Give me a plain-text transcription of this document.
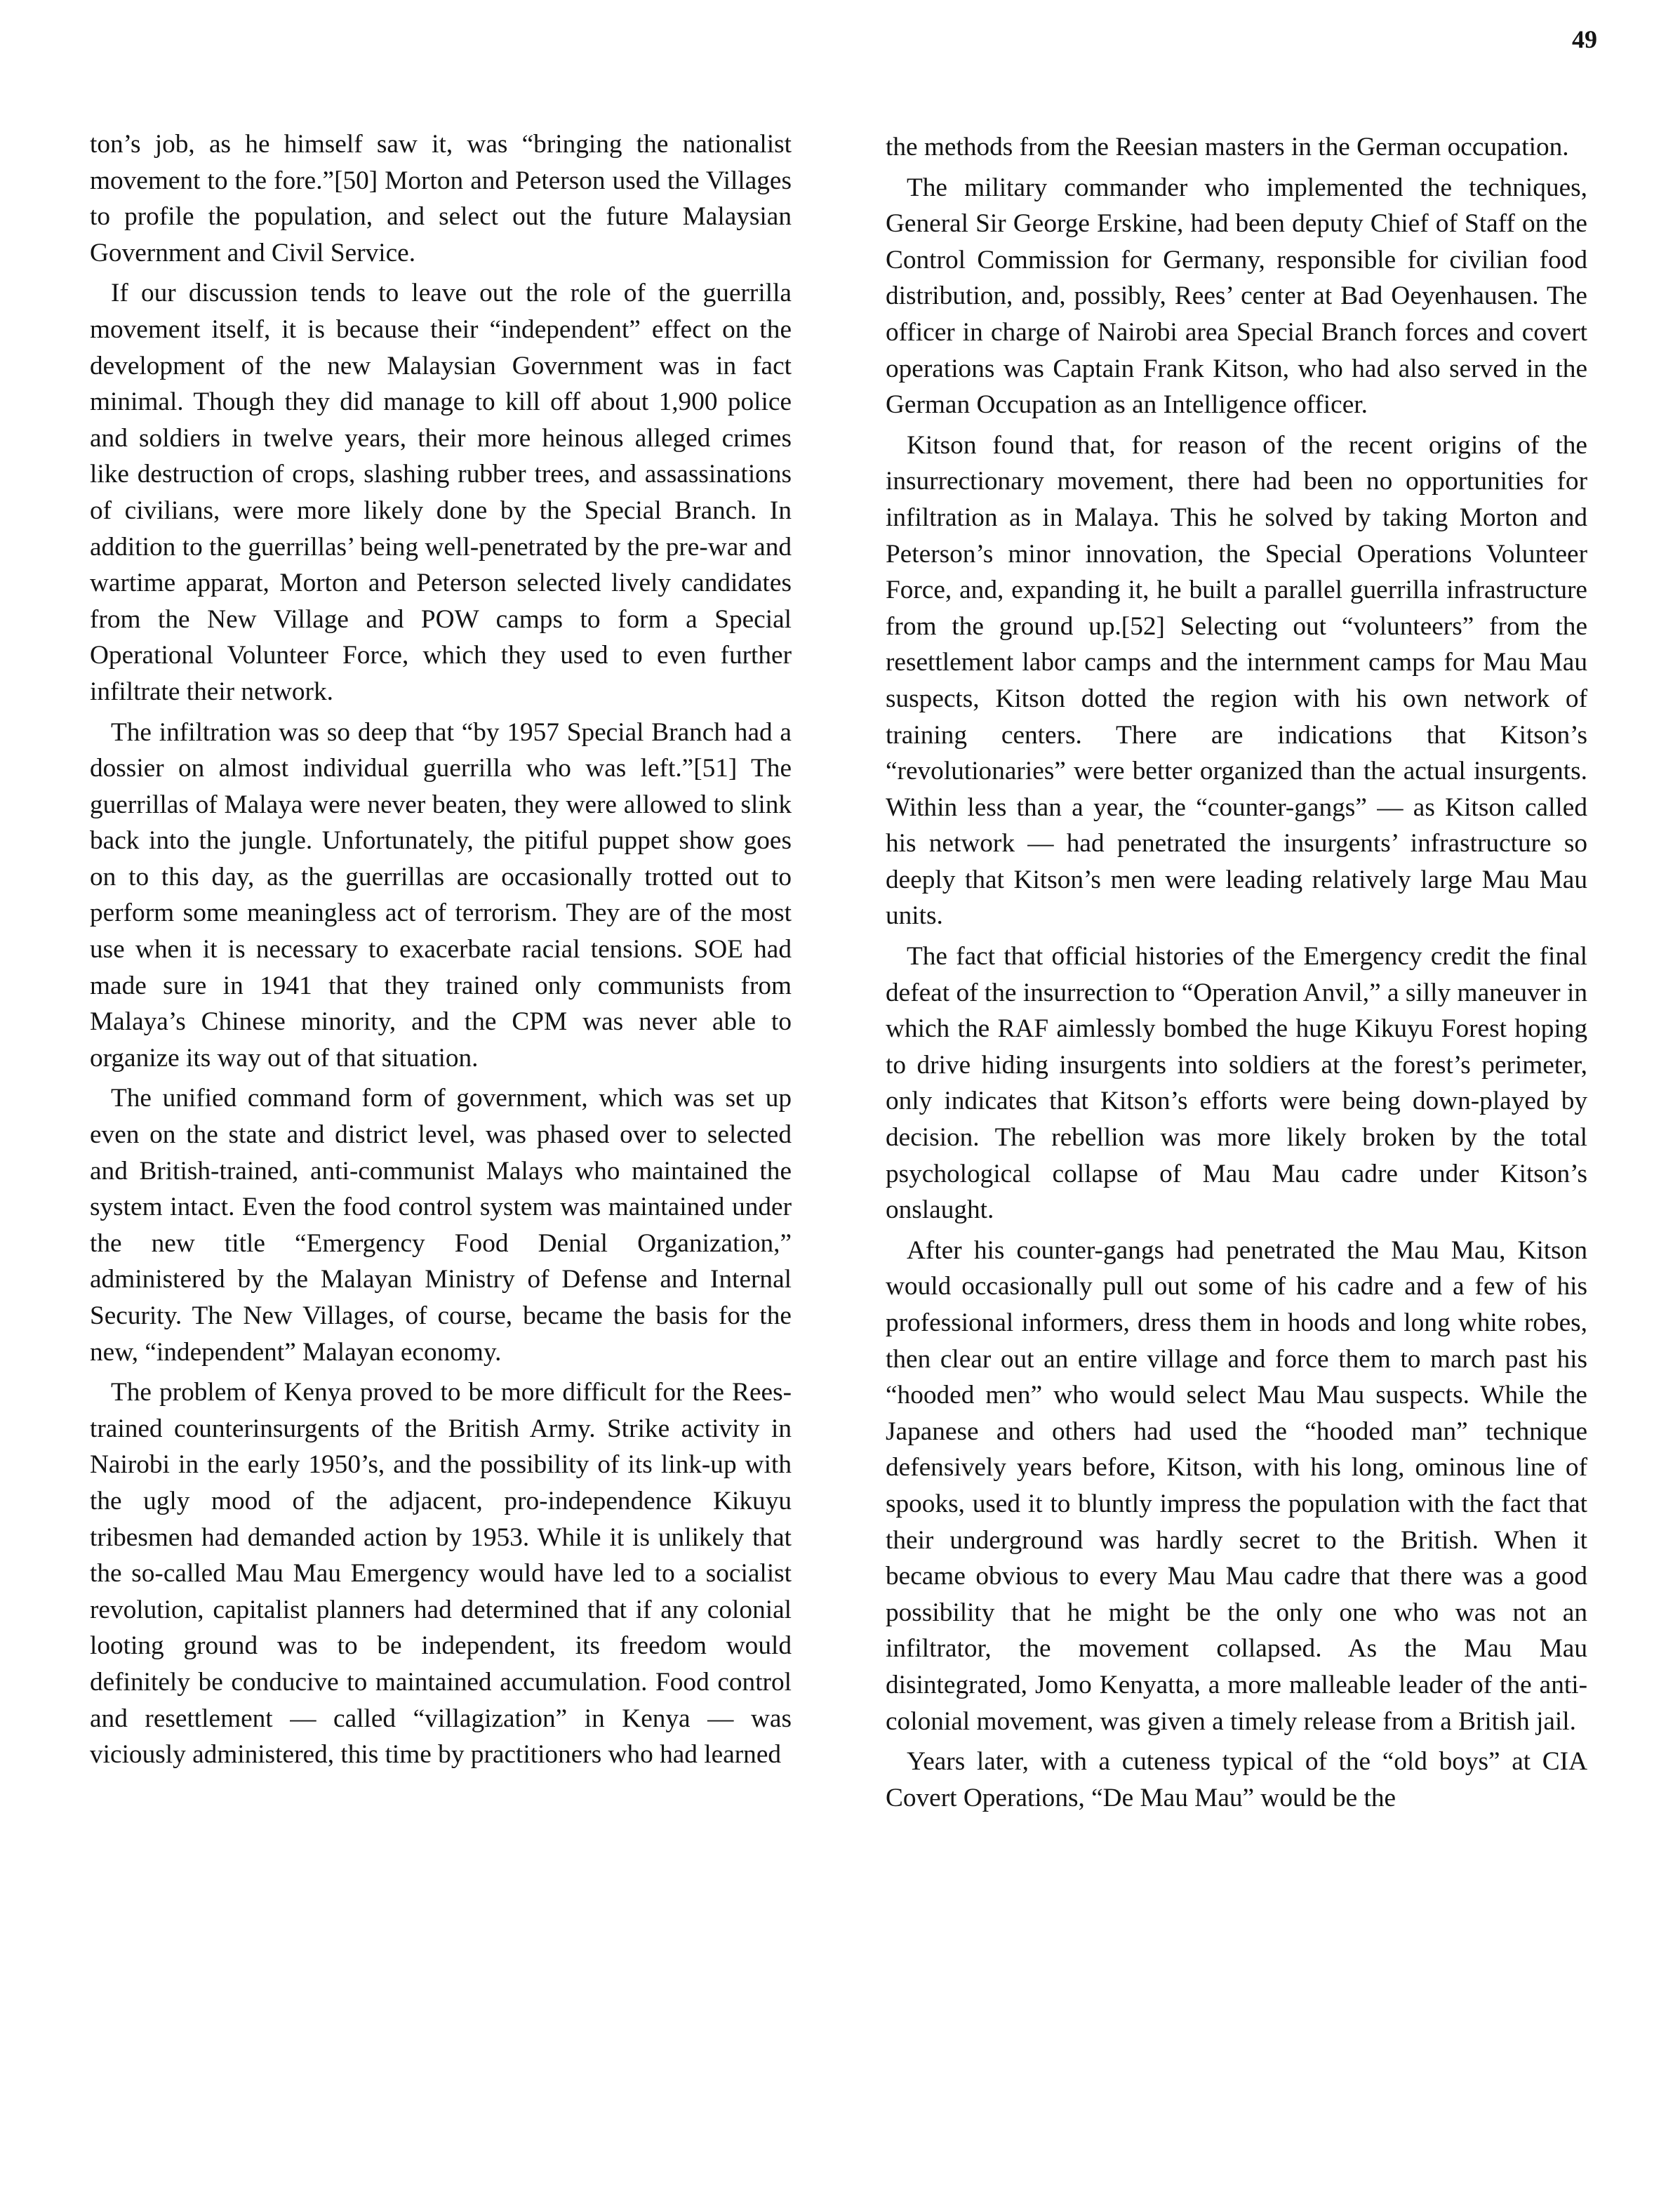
49

ton’s job, as he himself saw it, was “bringing the nationalist movement to the fore.”[50] Morton and Peterson used the Villages to profile the population, and select out the future Malaysian Government and Civil Service.

If our discussion tends to leave out the role of the guerrilla movement itself, it is because their “independent” effect on the development of the new Malaysian Government was in fact minimal. Though they did manage to kill off about 1,900 police and soldiers in twelve years, their more heinous alleged crimes like destruction of crops, slashing rubber trees, and assassinations of civilians, were more likely done by the Special Branch. In addition to the guerrillas’ being well-penetrated by the pre-war and wartime apparat, Morton and Peterson selected lively candidates from the New Village and POW camps to form a Special Operational Volunteer Force, which they used to even further infiltrate their network.

The infiltration was so deep that “by 1957 Special Branch had a dossier on almost individual guerrilla who was left.”[51] The guerrillas of Malaya were never beaten, they were allowed to slink back into the jungle. Unfortunately, the pitiful puppet show goes on to this day, as the guerrillas are occasionally trotted out to perform some meaningless act of terrorism. They are of the most use when it is necessary to exacerbate racial tensions. SOE had made sure in 1941 that they trained only communists from Malaya’s Chinese minority, and the CPM was never able to organize its way out of that situation.

The unified command form of government, which was set up even on the state and district level, was phased over to selected and British-trained, anti-communist Malays who maintained the system intact. Even the food control system was maintained under the new title “Emergency Food Denial Organization,” administered by the Malayan Ministry of Defense and Internal Security. The New Villages, of course, became the basis for the new, “independent” Malayan economy.

The problem of Kenya proved to be more difficult for the Rees-trained counterinsurgents of the British Army. Strike activity in Nairobi in the early 1950’s, and the possibility of its link-up with the ugly mood of the adjacent, pro-independence Kikuyu tribesmen had demanded action by 1953. While it is unlikely that the so-called Mau Mau Emergency would have led to a socialist revolution, capitalist planners had determined that if any colonial looting ground was to be independent, its freedom would definitely be conducive to maintained accumulation. Food control and resettlement — called “villagization” in Kenya — was viciously administered, this time by practitioners who had learned

the methods from the Reesian masters in the German occupation.

The military commander who implemented the techniques, General Sir George Erskine, had been deputy Chief of Staff on the Control Commission for Germany, responsible for civilian food distribution, and, possibly, Rees’ center at Bad Oeyenhausen. The officer in charge of Nairobi area Special Branch forces and covert operations was Captain Frank Kitson, who had also served in the German Occupation as an Intelligence officer.

Kitson found that, for reason of the recent origins of the insurrectionary movement, there had been no opportunities for infiltration as in Malaya. This he solved by taking Morton and Peterson’s minor innovation, the Special Operations Volunteer Force, and, expanding it, he built a parallel guerrilla infrastructure from the ground up.[52] Selecting out “volunteers” from the resettlement labor camps and the internment camps for Mau Mau suspects, Kitson dotted the region with his own network of training centers. There are indications that Kitson’s “revolutionaries” were better organized than the actual insurgents. Within less than a year, the “counter-gangs” — as Kitson called his network — had penetrated the insurgents’ infrastructure so deeply that Kitson’s men were leading relatively large Mau Mau units.

The fact that official histories of the Emergency credit the final defeat of the insurrection to “Operation Anvil,” a silly maneuver in which the RAF aimlessly bombed the huge Kikuyu Forest hoping to drive hiding insurgents into soldiers at the forest’s perimeter, only indicates that Kitson’s efforts were being down-played by decision. The rebellion was more likely broken by the total psychological collapse of Mau Mau cadre under Kitson’s onslaught.

After his counter-gangs had penetrated the Mau Mau, Kitson would occasionally pull out some of his cadre and a few of his professional informers, dress them in hoods and long white robes, then clear out an entire village and force them to march past his “hooded men” who would select Mau Mau suspects. While the Japanese and others had used the “hooded man” technique defensively years before, Kitson, with his long, ominous line of spooks, used it to bluntly impress the population with the fact that their underground was hardly secret to the British. When it became obvious to every Mau Mau cadre that there was a good possibility that he might be the only one who was not an infiltrator, the movement collapsed. As the Mau Mau disintegrated, Jomo Kenyatta, a more malleable leader of the anti-colonial movement, was given a timely release from a British jail.

Years later, with a cuteness typical of the “old boys” at CIA Covert Operations, “De Mau Mau” would be the
